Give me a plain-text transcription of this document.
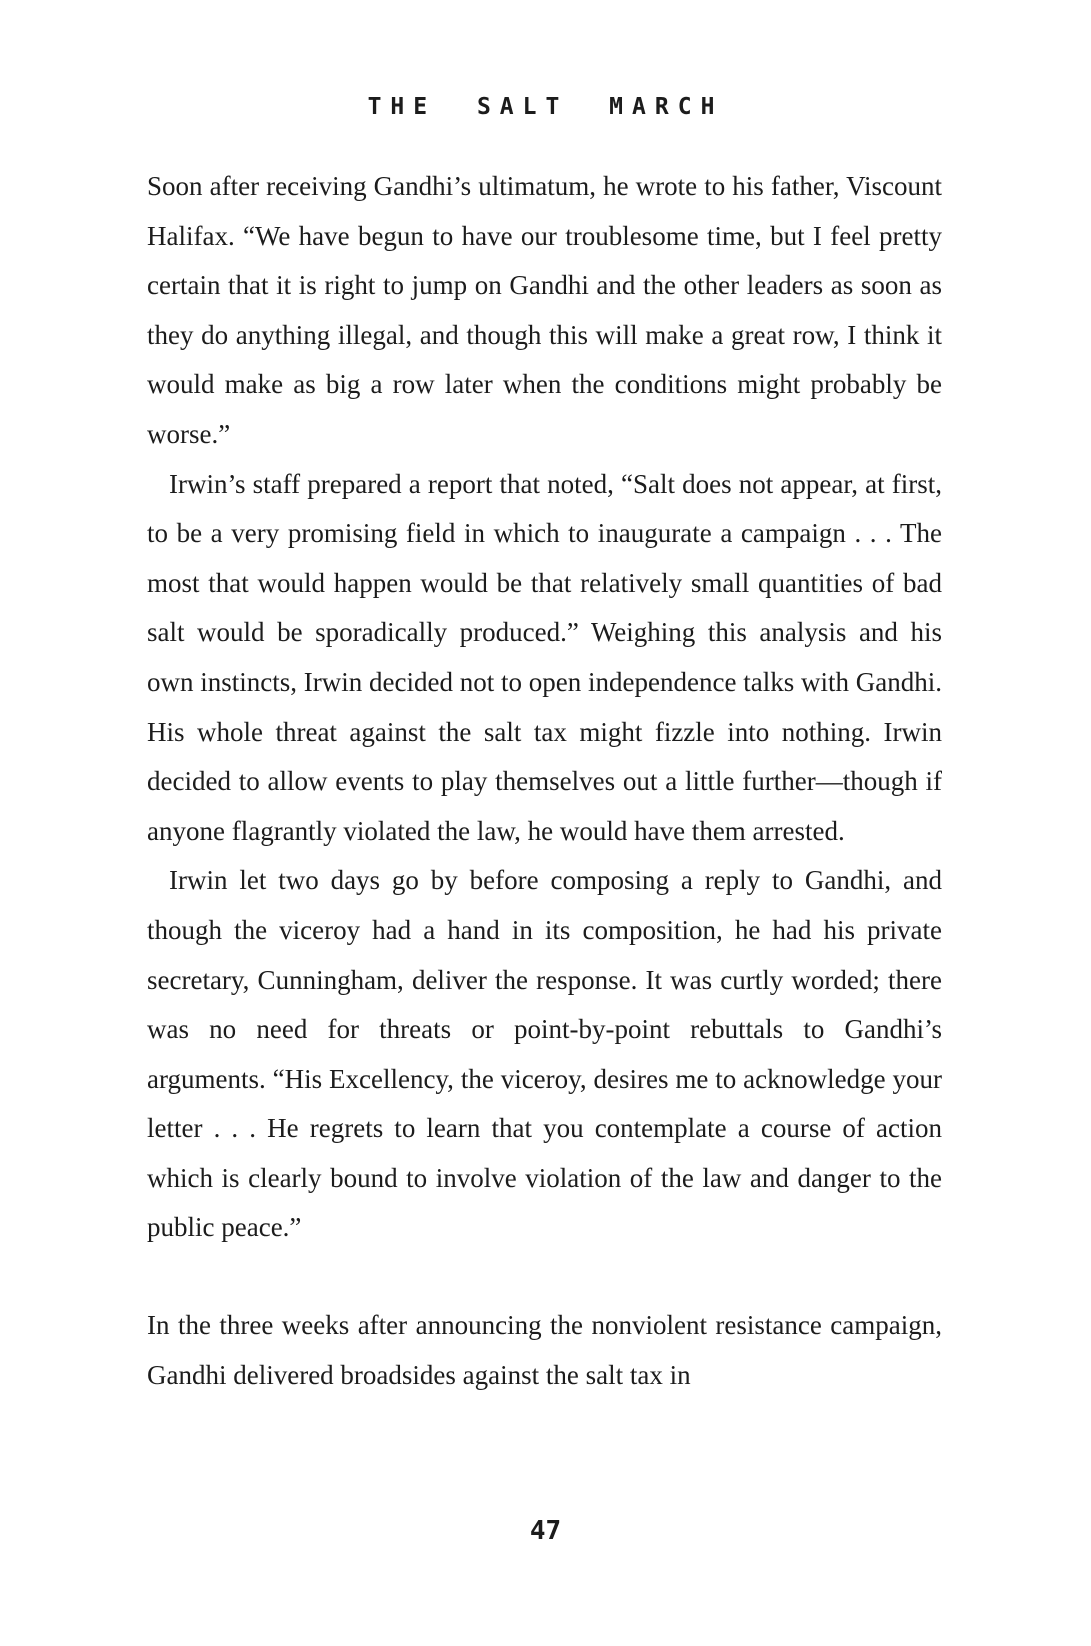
THE SALT MARCH

Soon after receiving Gandhi’s ultimatum, he wrote to his father, Viscount Halifax. “We have begun to have our troublesome time, but I feel pretty certain that it is right to jump on Gandhi and the other leaders as soon as they do anything illegal, and though this will make a great row, I think it would make as big a row later when the conditions might probably be worse.”

Irwin’s staff prepared a report that noted, “Salt does not appear, at first, to be a very promising field in which to inaugurate a campaign . . . The most that would happen would be that relatively small quantities of bad salt would be sporadically produced.” Weighing this analysis and his own instincts, Irwin decided not to open independence talks with Gandhi. His whole threat against the salt tax might fizzle into nothing. Irwin decided to allow events to play themselves out a little further—though if anyone flagrantly violated the law, he would have them arrested.

Irwin let two days go by before composing a reply to Gandhi, and though the viceroy had a hand in its composition, he had his private secretary, Cunningham, deliver the response. It was curtly worded; there was no need for threats or point-by-point rebuttals to Gandhi’s arguments. “His Excellency, the viceroy, desires me to acknowledge your letter . . . He regrets to learn that you contemplate a course of action which is clearly bound to involve violation of the law and danger to the public peace.”

In the three weeks after announcing the nonviolent resistance campaign, Gandhi delivered broadsides against the salt tax in

47
